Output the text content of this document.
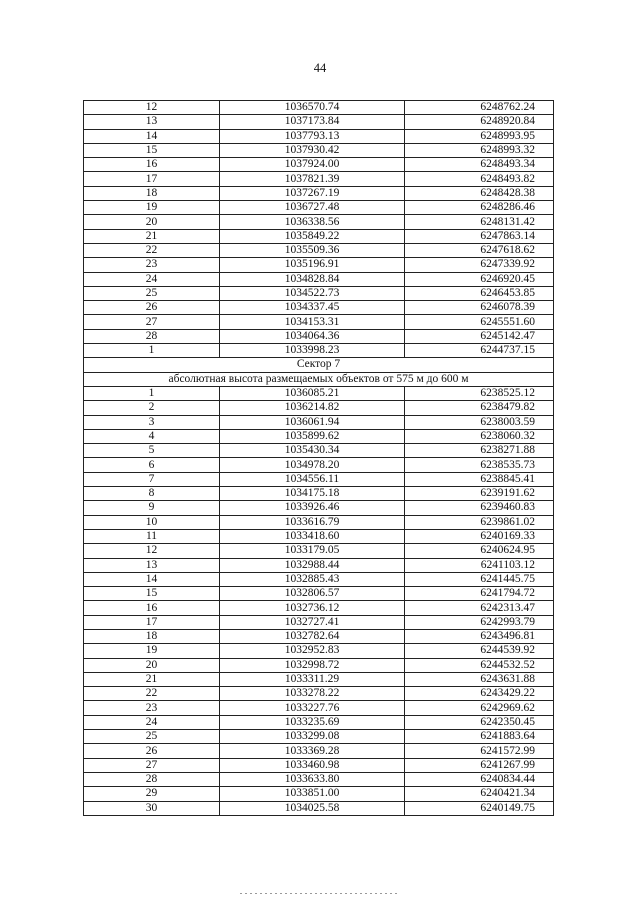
44
12	1036570.74	6248762.24
13	1037173.84	6248920.84
14	1037793.13	6248993.95
15	1037930.42	6248993.32
16	1037924.00	6248493.34
17	1037821.39	6248493.82
18	1037267.19	6248428.38
19	1036727.48	6248286.46
20	1036338.56	6248131.42
21	1035849.22	6247863.14
22	1035509.36	6247618.62
23	1035196.91	6247339.92
24	1034828.84	6246920.45
25	1034522.73	6246453.85
26	1034337.45	6246078.39
27	1034153.31	6245551.60
28	1034064.36	6245142.47
1	1033998.23	6244737.15
Сектор 7		
абсолютная высота размещаемых объектов от 575 м до 600 м		
1	1036085.21	6238525.12
2	1036214.82	6238479.82
3	1036061.94	6238003.59
4	1035899.62	6238060.32
5	1035430.34	6238271.88
6	1034978.20	6238535.73
7	1034556.11	6238845.41
8	1034175.18	6239191.62
9	1033926.46	6239460.83
10	1033616.79	6239861.02
11	1033418.60	6240169.33
12	1033179.05	6240624.95
13	1032988.44	6241103.12
14	1032885.43	6241445.75
15	1032806.57	6241794.72
16	1032736.12	6242313.47
17	1032727.41	6242993.79
18	1032782.64	6243496.81
19	1032952.83	6244539.92
20	1032998.72	6244532.52
21	1033311.29	6243631.88
22	1033278.22	6243429.22
23	1033227.76	6242969.62
24	1033235.69	6242350.45
25	1033299.08	6241883.64
26	1033369.28	6241572.99
27	1033460.98	6241267.99
28	1033633.80	6240834.44
29	1033851.00	6240421.34
30	1034025.58	6240149.75
